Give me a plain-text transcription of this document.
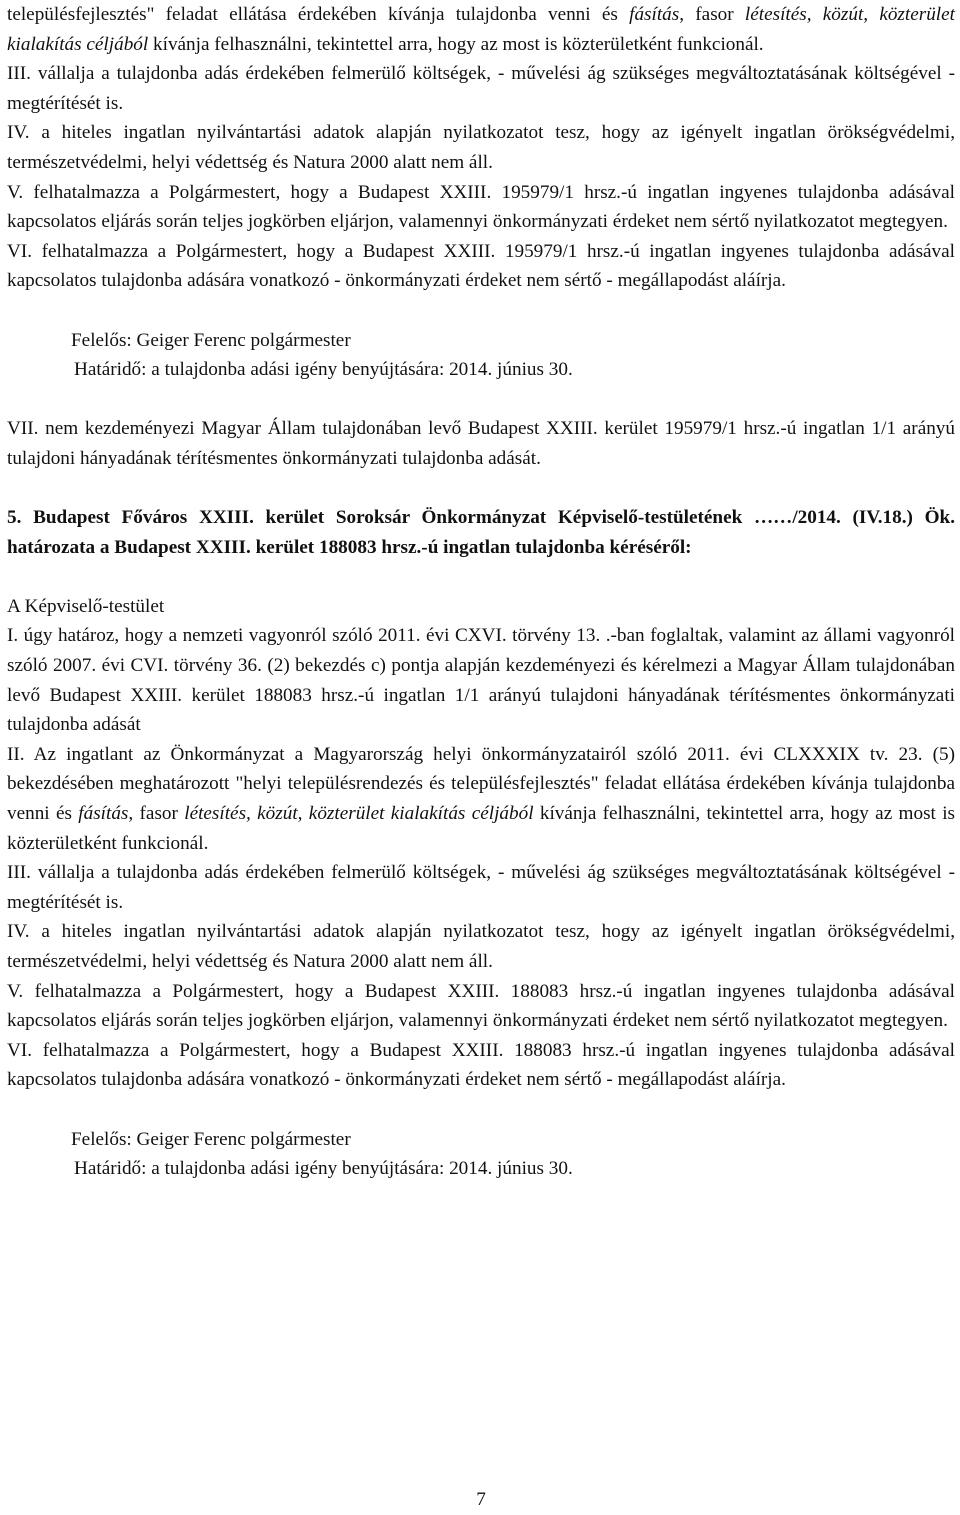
településfejlesztés" feladat ellátása érdekében kívánja tulajdonba venni és fásítás, fasor létesítés, közút, közterület kialakítás céljából kívánja felhasználni, tekintettel arra, hogy az most is közterületként funkcionál.

III. vállalja a tulajdonba adás érdekében felmerülő költségek, - művelési ág szükséges megváltoztatásának költségével - megtérítését is.

IV. a hiteles ingatlan nyilvántartási adatok alapján nyilatkozatot tesz, hogy az igényelt ingatlan örökségvédelmi, természetvédelmi, helyi védettség és Natura 2000 alatt nem áll.

V. felhatalmazza a Polgármestert, hogy a Budapest XXIII. 195979/1 hrsz.-ú ingatlan ingyenes tulajdonba adásával kapcsolatos eljárás során teljes jogkörben eljárjon, valamennyi önkormányzati érdeket nem sértő nyilatkozatot megtegyen.

VI. felhatalmazza a Polgármestert, hogy a Budapest XXIII. 195979/1 hrsz.-ú ingatlan ingyenes tulajdonba adásával kapcsolatos tulajdonba adására vonatkozó - önkormányzati érdeket nem sértő - megállapodást aláírja.

Felelős: Geiger Ferenc polgármester
Határidő: a tulajdonba adási igény benyújtására: 2014. június 30.

VII. nem kezdeményezi Magyar Állam tulajdonában levő Budapest XXIII. kerület 195979/1 hrsz.-ú ingatlan 1/1 arányú tulajdoni hányadának térítésmentes önkormányzati tulajdonba adását.

5. Budapest Főváros XXIII. kerület Soroksár Önkormányzat Képviselő-testületének ……/2014. (IV.18.) Ök. határozata a Budapest XXIII. kerület 188083 hrsz.-ú ingatlan tulajdonba kéréséről:

A Képviselő-testület

I. úgy határoz, hogy a nemzeti vagyonról szóló 2011. évi CXVI. törvény 13. .-ban foglaltak, valamint az állami vagyonról szóló 2007. évi CVI. törvény 36. (2) bekezdés c) pontja alapján kezdeményezi és kérelmezi a Magyar Állam tulajdonában levő Budapest XXIII. kerület 188083 hrsz.-ú ingatlan 1/1 arányú tulajdoni hányadának térítésmentes önkormányzati tulajdonba adását

II. Az ingatlant az Önkormányzat a Magyarország helyi önkormányzatairól szóló 2011. évi CLXXXIX tv. 23. (5) bekezdésében meghatározott "helyi településrendezés és településfejlesztés" feladat ellátása érdekében kívánja tulajdonba venni és fásítás, fasor létesítés, közút, közterület kialakítás céljából kívánja felhasználni, tekintettel arra, hogy az most is közterületként funkcionál.

III. vállalja a tulajdonba adás érdekében felmerülő költségek, - művelési ág szükséges megváltoztatásának költségével - megtérítését is.

IV. a hiteles ingatlan nyilvántartási adatok alapján nyilatkozatot tesz, hogy az igényelt ingatlan örökségvédelmi, természetvédelmi, helyi védettség és Natura 2000 alatt nem áll.

V. felhatalmazza a Polgármestert, hogy a Budapest XXIII. 188083 hrsz.-ú ingatlan ingyenes tulajdonba adásával kapcsolatos eljárás során teljes jogkörben eljárjon, valamennyi önkormányzati érdeket nem sértő nyilatkozatot megtegyen.

VI. felhatalmazza a Polgármestert, hogy a Budapest XXIII. 188083 hrsz.-ú ingatlan ingyenes tulajdonba adásával kapcsolatos tulajdonba adására vonatkozó - önkormányzati érdeket nem sértő - megállapodást aláírja.

Felelős: Geiger Ferenc polgármester
Határidő: a tulajdonba adási igény benyújtására: 2014. június 30.
7
